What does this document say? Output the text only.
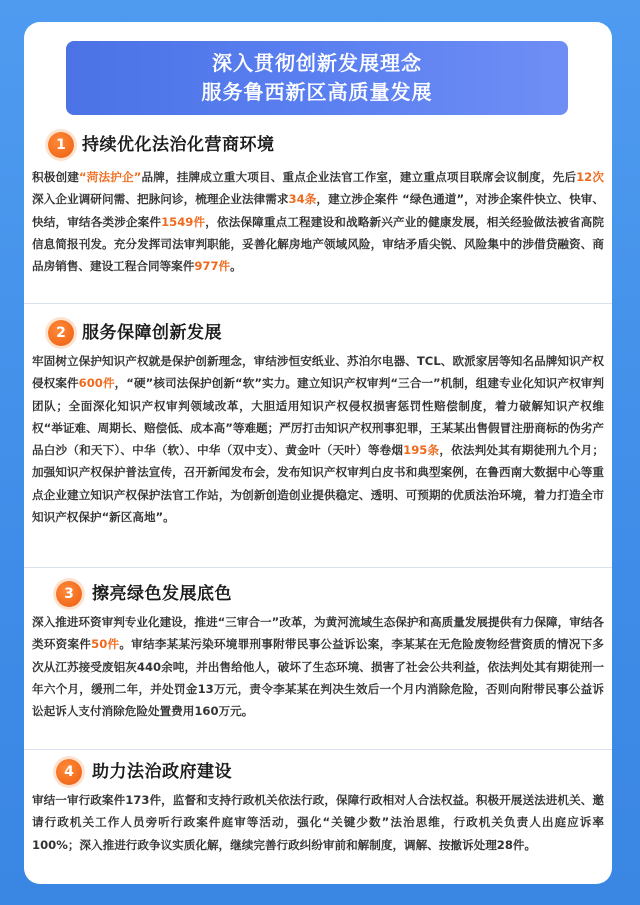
深入贯彻创新发展理念
服务鲁西新区高质量发展
1 持续优化法治化营商环境

积极创建“菏法护企”品牌，挂牌成立重大项目、重点企业法官工作室，建立重点项目联席会议制度，先后12次深入企业调研问需、把脉问诊，梳理企业法律需求34条，建立涉企案件 “绿色通道”，对涉企案件快立、快审、快结，审结各类涉企案件1549件，依法保障重点工程建设和战略新兴产业的健康发展，相关经验做法被省高院信息简报刊发。充分发挥司法审判职能，妥善化解房地产领域风险，审结矛盾尖锐、风险集中的涉借贷融资、商品房销售、建设工程合同等案件977件。

2 服务保障创新发展

牢固树立保护知识产权就是保护创新理念，审结涉恒安纸业、苏泊尔电器、TCL、欧派家居等知名品牌知识产权侵权案件600件，“硬”核司法保护创新“软”实力。建立知识产权审判“三合一”机制，组建专业化知识产权审判团队；全面深化知识产权审判领域改革，大胆适用知识产权侵权损害惩罚性赔偿制度，着力破解知识产权维权“举证难、周期长、赔偿低、成本高”等难题；严厉打击知识产权刑事犯罪，王某某出售假冒注册商标的伪劣产品白沙（和天下）、中华（软）、中华（双中支）、黄金叶（天叶）等卷烟195条，依法判处其有期徒刑九个月；加强知识产权保护普法宣传，召开新闻发布会，发布知识产权审判白皮书和典型案例，在鲁西南大数据中心等重点企业建立知识产权保护法官工作站，为创新创造创业提供稳定、透明、可预期的优质法治环境，着力打造全市知识产权保护“新区高地”。

3	擦亮绿色发展底色

深入推进环资审判专业化建设，推进“三审合一”改革，为黄河流域生态保护和高质量发展提供有力保障，审结各类环资案件50件。审结李某某污染环境罪刑事附带民事公益诉讼案，李某某在无危险废物经营资质的情况下多次从江苏接受废铝灰440余吨，并出售给他人，破坏了生态环境、损害了社会公共利益，依法判处其有期徒刑一年六个月，缓刑二年，并处罚金13万元，责令李某某在判决生效后一个月内消除危险，否则向附带民事公益诉讼起诉人支付消除危险处置费用160万元。

4	助力法治政府建设

审结一审行政案件173件，监督和支持行政机关依法行政，保障行政相对人合法权益。积极开展送法进机关、邀请行政机关工作人员旁听行政案件庭审等活动，强化“关键少数”法治思维，行政机关负责人出庭应诉率100%；深入推进行政争议实质化解，继续完善行政纠纷审前和解制度，调解、按撤诉处理28件。
